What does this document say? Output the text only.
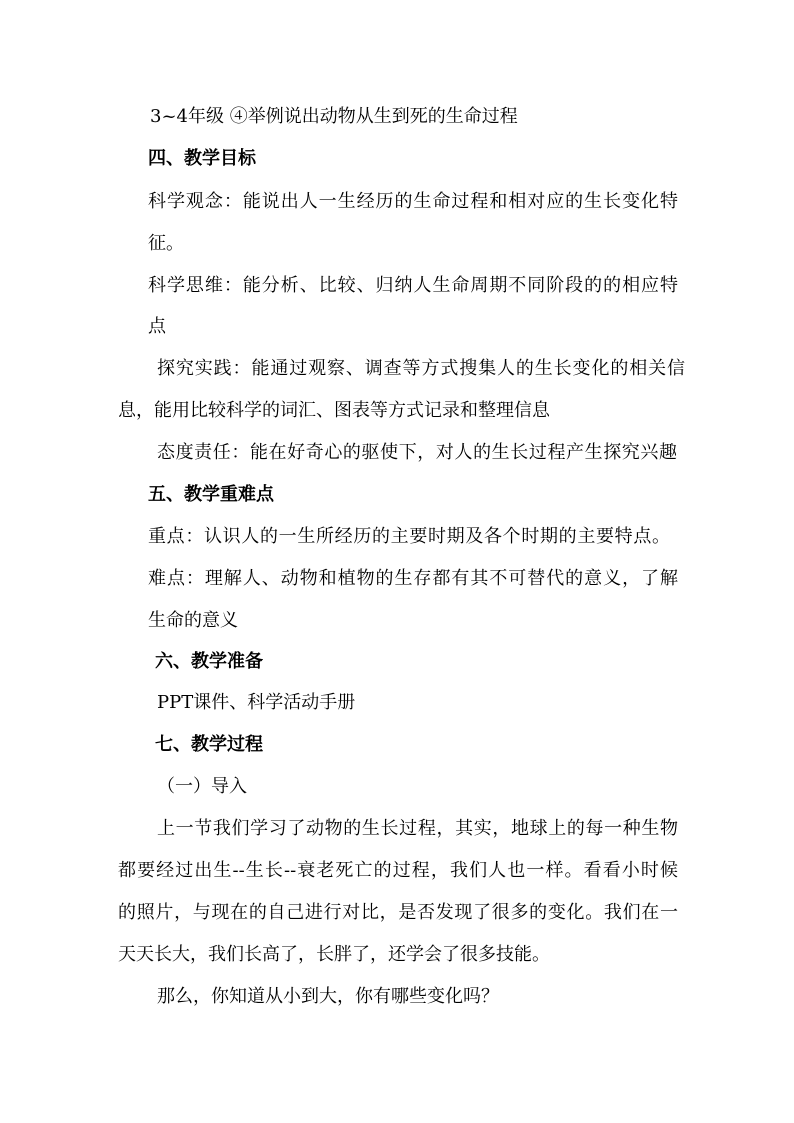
3~4年级 ④举例说出动物从生到死的生命过程
四、教学目标
科学观念：能说出人一生经历的生命过程和相对应的生长变化特
征。
科学思维：能分析、比较、归纳人生命周期不同阶段的的相应特
点
探究实践：能通过观察、调查等方式搜集人的生长变化的相关信
息，能用比较科学的词汇、图表等方式记录和整理信息
态度责任：能在好奇心的驱使下，对人的生长过程产生探究兴趣
五、教学重难点
重点：认识人的一生所经历的主要时期及各个时期的主要特点。
难点：理解人、动物和植物的生存都有其不可替代的意义，了解
生命的意义
六、教学准备
PPT课件、科学活动手册
七、教学过程
（一）导入
上一节我们学习了动物的生长过程，其实，地球上的每一种生物
都要经过出生--生长--衰老死亡的过程，我们人也一样。看看小时候
的照片，与现在的自己进行对比，是否发现了很多的变化。我们在一
天天长大，我们长高了，长胖了，还学会了很多技能。
那么，你知道从小到大，你有哪些变化吗？
